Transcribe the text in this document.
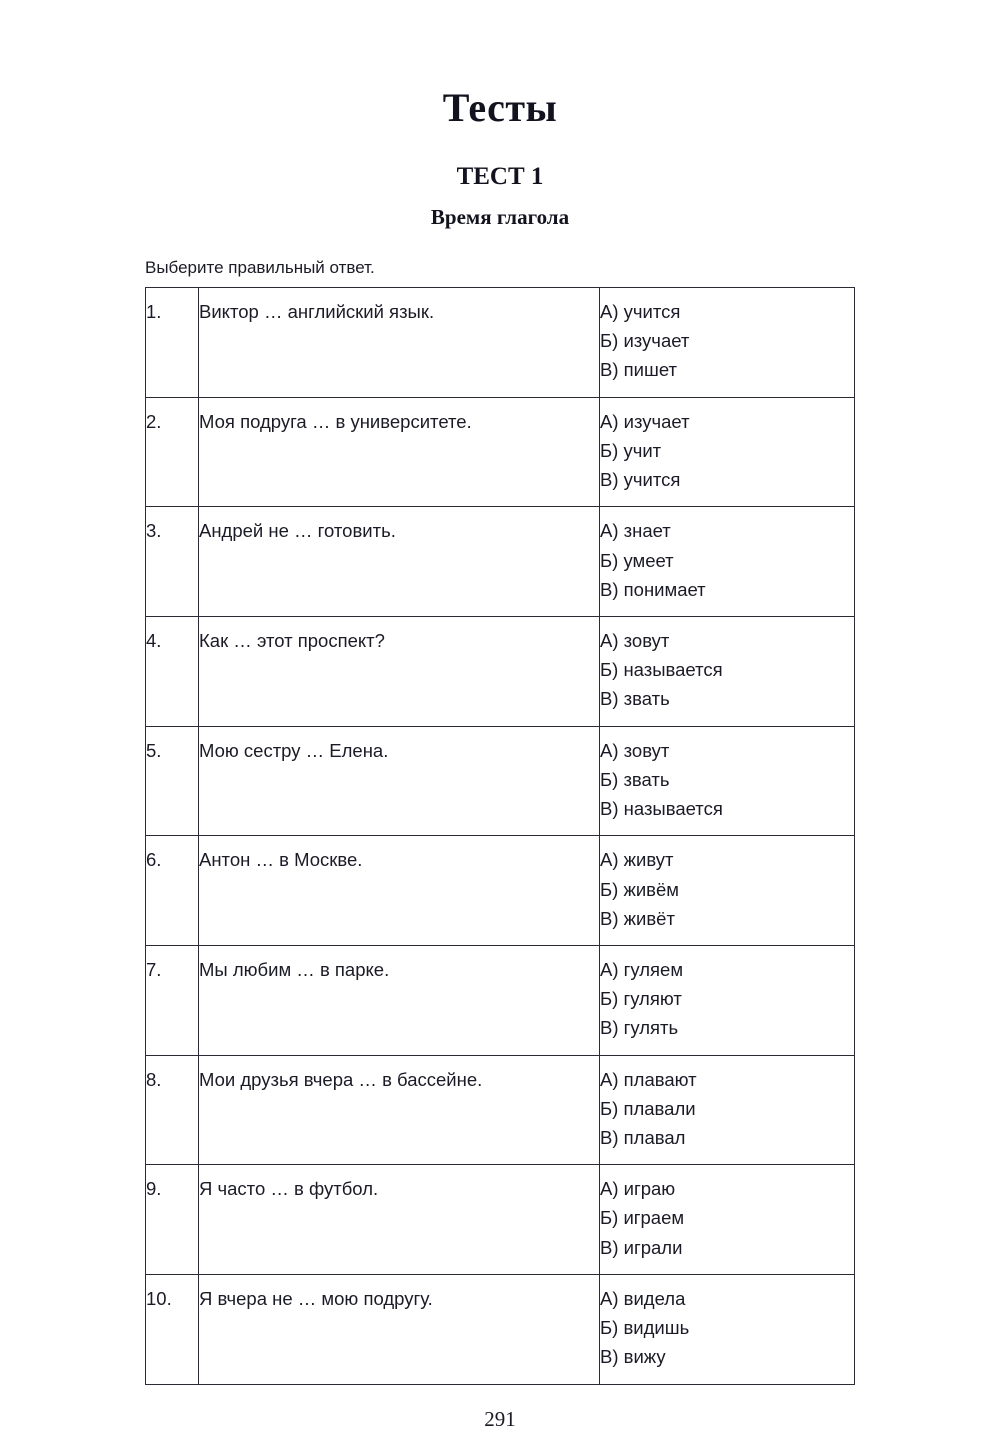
Тесты
ТЕСТ 1
Время глагола

Выберите правильный ответ.

1.	Виктор … английский язык.	А) учится
Б) изучает
В) пишет

2.	Моя подруга … в университете.	А) изучает
Б) учит
В) учится

3.	Андрей не … готовить.	А) знает
Б) умеет
В) понимает

4.	Как … этот проспект?	А) зовут
Б) называется
В) звать

5.	Мою сестру … Елена.	А) зовут
Б) звать
В) называется

6.	Антон … в Москве.	А) живут
Б) живём
В) живёт

7.	Мы любим … в парке.	А) гуляем
Б) гуляют
В) гулять

8.	Мои друзья вчера … в бассейне.	А) плавают
Б) плавали
В) плавал

9.	Я часто … в футбол.	А) играю
Б) играем
В) играли

10.	Я вчера не … мою подругу.	А) видела
Б) видишь
В) вижу
291
